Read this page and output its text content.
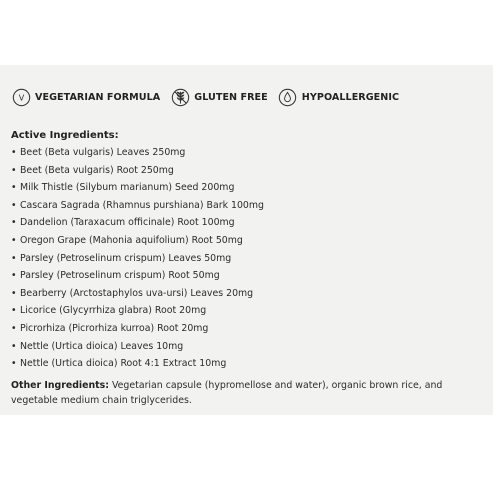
V VEGETARIAN FORMULA	GLUTEN FREE	HYPOALLERGENIC
Active Ingredients:
• Beet (Beta vulgaris) Leaves 250mg
• Beet (Beta vulgaris) Root 250mg
• Milk Thistle (Silybum marianum) Seed 200mg
• Cascara Sagrada (Rhamnus purshiana) Bark 100mg
• Dandelion (Taraxacum officinale) Root 100mg
• Oregon Grape (Mahonia aquifolium) Root 50mg
• Parsley (Petroselinum crispum) Leaves 50mg
• Parsley (Petroselinum crispum) Root 50mg
• Bearberry (Arctostaphylos uva-ursi) Leaves 20mg
• Licorice (Glycyrrhiza glabra) Root 20mg
• Picrorhiza (Picrorhiza kurroa) Root 20mg
• Nettle (Urtica dioica) Leaves 10mg
• Nettle (Urtica dioica) Root 4:1 Extract 10mg
Other Ingredients: Vegetarian capsule (hypromellose and water), organic brown rice, and vegetable medium chain triglycerides.
